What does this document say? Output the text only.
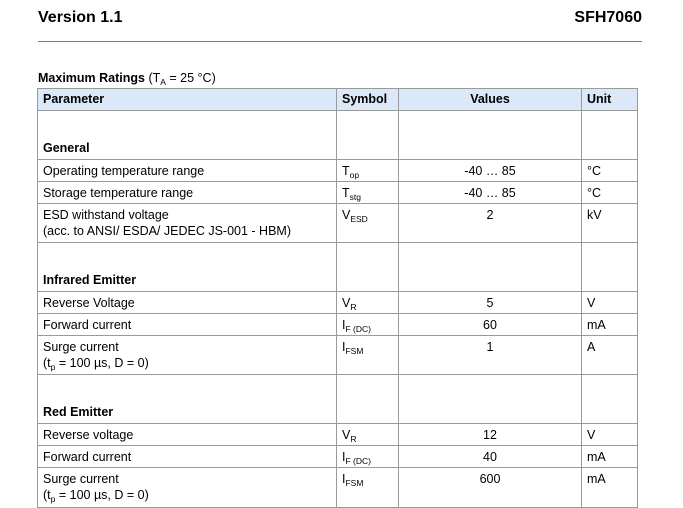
Version 1.1	SFH7060
Maximum Ratings ($T_A = 25$ °C)
Parameter	Symbol	Values	Unit
General			
Operating temperature range	$T_{op}$	-40 … 85	°C
Storage temperature range	$T_{stg}$	-40 … 85	°C

ESD withstand voltage
(acc. to ANSI/ ESDA/ JEDEC JS-001 - HBM)	$V_{ESD}$	2	kV
Infrared Emitter			
Reverse Voltage	$V_R$	5	V
Forward current	$I_{F (DC)}$	60	mA

Surge current
($t_p = 100$ µs, D = 0)	$I_{FSM}$	1	A
Red Emitter			
Reverse voltage	$V_R$	12	V
Forward current	$I_{F (DC)}$	40	mA

Surge current
($t_p = 100$ µs, D = 0)	$I_{FSM}$	600	mA
